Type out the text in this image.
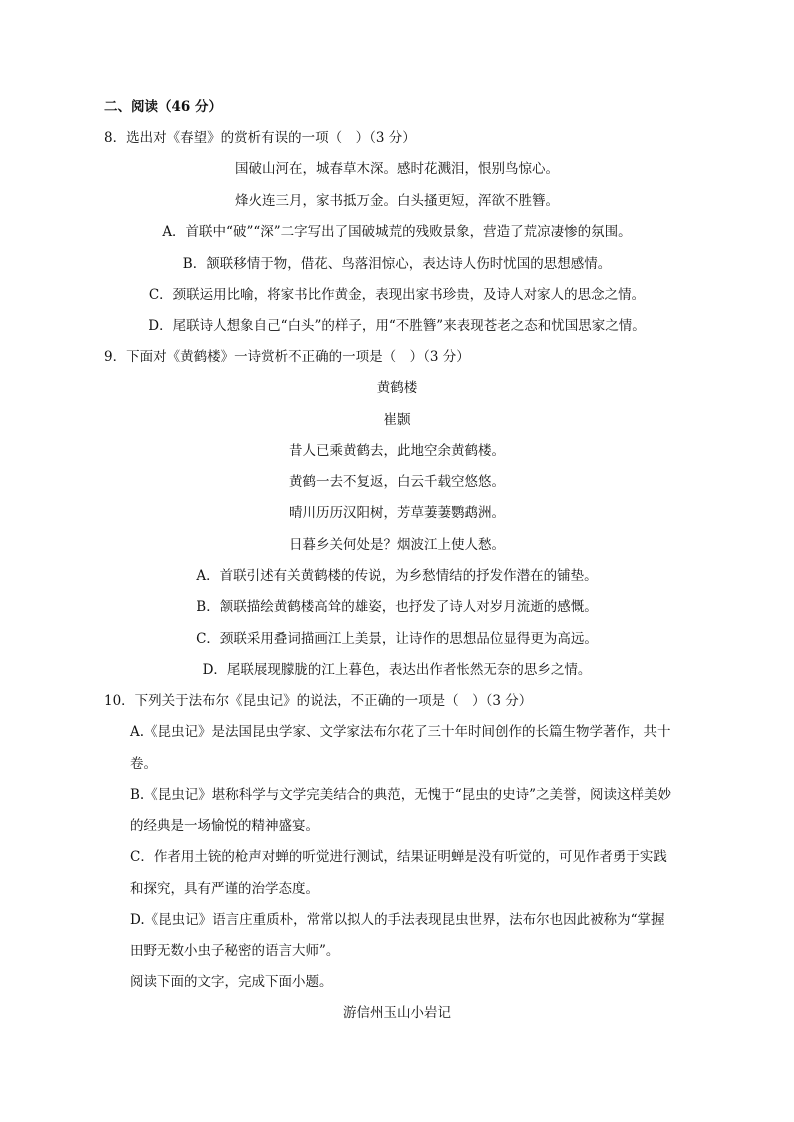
二、阅读（46 分）
8．选出对《春望》的赏析有误的一项（　）（3 分）
国破山河在，城春草木深。感时花溅泪，恨别鸟惊心。
烽火连三月，家书抵万金。白头搔更短，浑欲不胜簪。
A．首联中“破”“深”二字写出了国破城荒的残败景象，营造了荒凉凄惨的氛围。
B．颔联移情于物，借花、鸟落泪惊心，表达诗人伤时忧国的思想感情。
C．颈联运用比喻，将家书比作黄金，表现出家书珍贵，及诗人对家人的思念之情。
D．尾联诗人想象自己“白头”的样子，用“不胜簪”来表现苍老之态和忧国思家之情。
9．下面对《黄鹤楼》一诗赏析不正确的一项是（　）（3 分）
黄鹤楼
崔颢
昔人已乘黄鹤去，此地空余黄鹤楼。
黄鹤一去不复返，白云千载空悠悠。
晴川历历汉阳树，芳草萋萋鹦鹉洲。
日暮乡关何处是？烟波江上使人愁。
A．首联引述有关黄鹤楼的传说，为乡愁情结的抒发作潜在的铺垫。
B．颔联描绘黄鹤楼高耸的雄姿，也抒发了诗人对岁月流逝的感慨。
C．颈联采用叠词描画江上美景，让诗作的思想品位显得更为高远。
D．尾联展现朦胧的江上暮色，表达出作者怅然无奈的思乡之情。
10．下列关于法布尔《昆虫记》的说法，不正确的一项是（　）（3 分）
A.《昆虫记》是法国昆虫学家、文学家法布尔花了三十年时间创作的长篇生物学著作，共十
卷。
B.《昆虫记》堪称科学与文学完美结合的典范，无愧于“昆虫的史诗”之美誉，阅读这样美妙
的经典是一场愉悦的精神盛宴。
C．作者用土铳的枪声对蝉的听觉进行测试，结果证明蝉是没有听觉的，可见作者勇于实践
和探究，具有严谨的治学态度。
D.《昆虫记》语言庄重质朴，常常以拟人的手法表现昆虫世界，法布尔也因此被称为“掌握
田野无数小虫子秘密的语言大师”。
阅读下面的文字，完成下面小题。
游信州玉山小岩记
